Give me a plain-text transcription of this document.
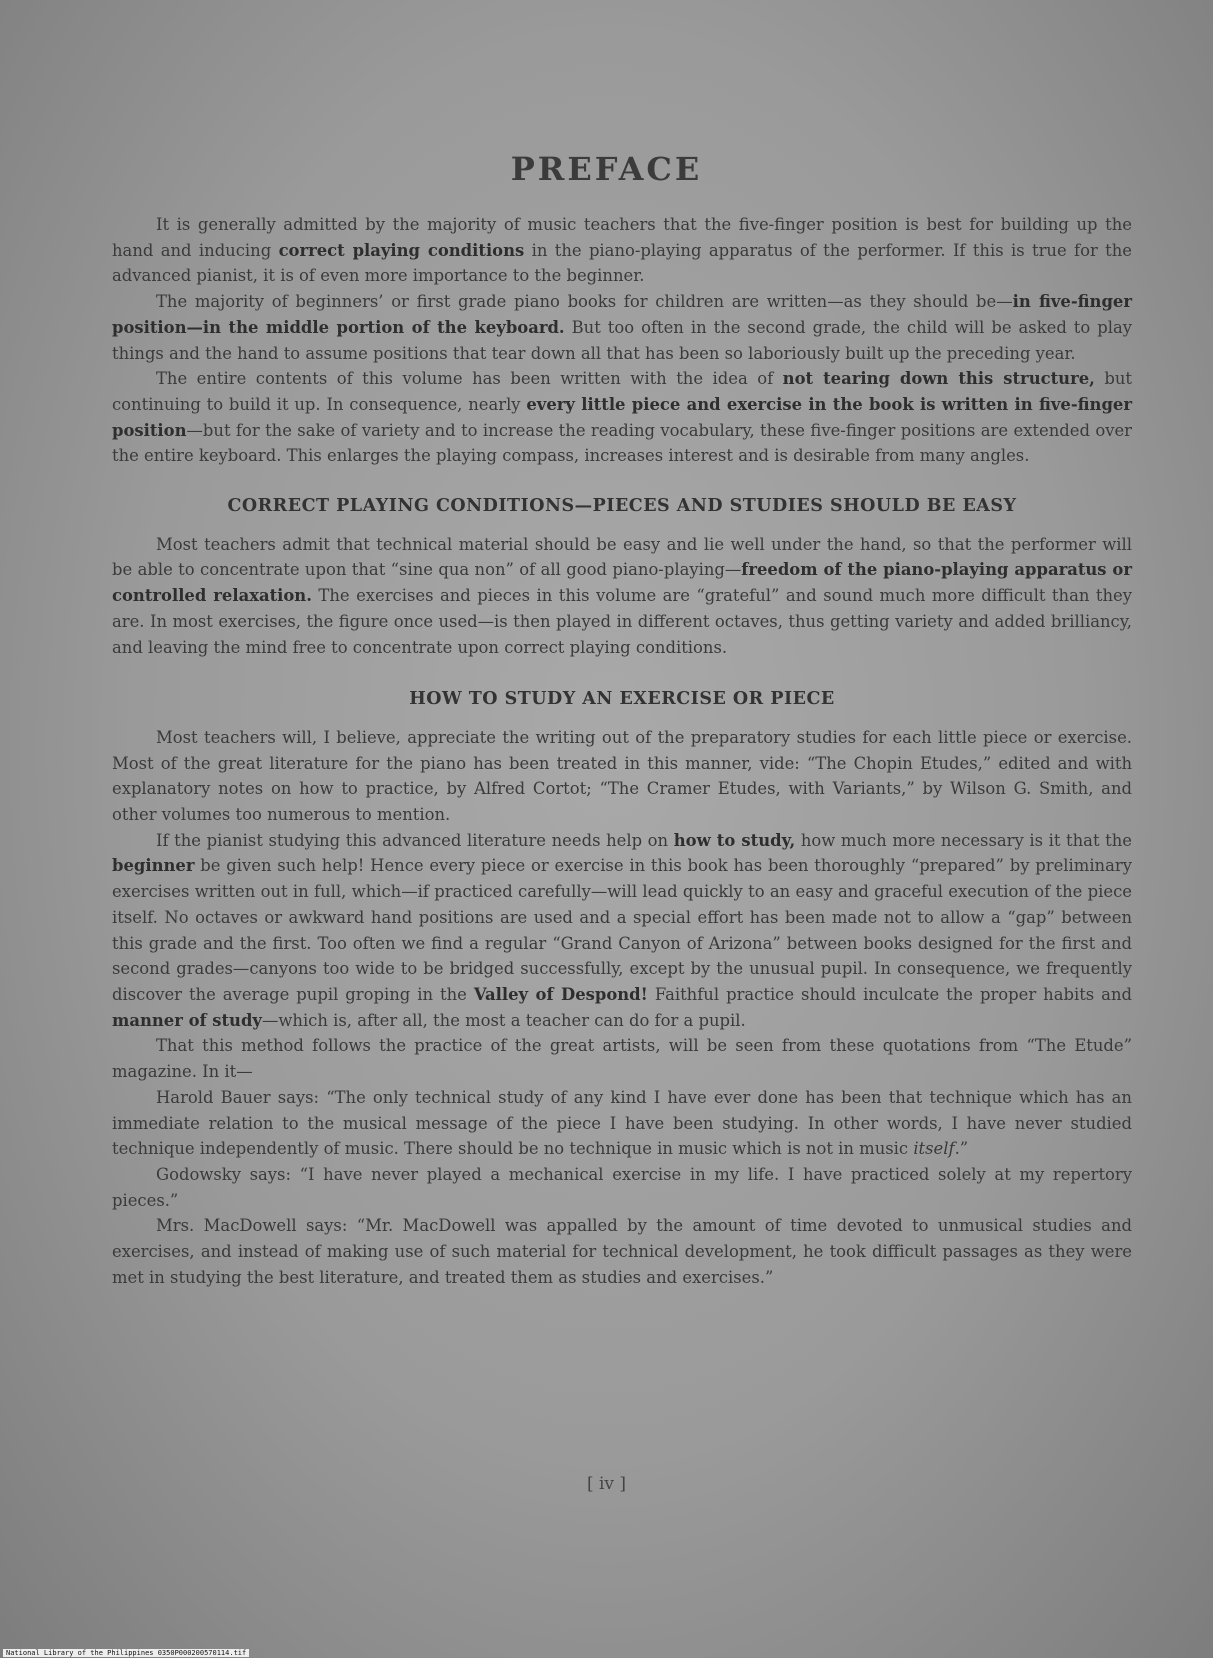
PREFACE

It is generally admitted by the majority of music teachers that the five-finger position is best for building up the hand and inducing correct playing conditions in the piano-playing apparatus of the performer. If this is true for the advanced pianist, it is of even more importance to the beginner.

The majority of beginners’ or first grade piano books for children are written—as they should be—in five-finger position—in the middle portion of the keyboard. But too often in the second grade, the child will be asked to play things and the hand to assume positions that tear down all that has been so laboriously built up the preceding year.

The entire contents of this volume has been written with the idea of not tearing down this structure, but continuing to build it up. In consequence, nearly every little piece and exercise in the book is written in five-finger position—but for the sake of variety and to increase the reading vocabulary, these five-finger positions are extended over the entire keyboard. This enlarges the playing compass, increases interest and is desirable from many angles.

CORRECT PLAYING CONDITIONS—PIECES AND STUDIES SHOULD BE EASY

Most teachers admit that technical material should be easy and lie well under the hand, so that the performer will be able to concentrate upon that “sine qua non” of all good piano-playing—freedom of the piano-playing apparatus or controlled relaxation. The exercises and pieces in this volume are “grateful” and sound much more difficult than they are. In most exercises, the figure once used—is then played in different octaves, thus getting variety and added brilliancy, and leaving the mind free to concentrate upon correct playing conditions.

HOW TO STUDY AN EXERCISE OR PIECE

Most teachers will, I believe, appreciate the writing out of the preparatory studies for each little piece or exercise. Most of the great literature for the piano has been treated in this manner, vide: “The Chopin Etudes,” edited and with explanatory notes on how to practice, by Alfred Cortot; “The Cramer Etudes, with Variants,” by Wilson G. Smith, and other volumes too numerous to mention.

If the pianist studying this advanced literature needs help on how to study, how much more necessary is it that the beginner be given such help! Hence every piece or exercise in this book has been thoroughly “prepared” by preliminary exercises written out in full, which—if practiced carefully—will lead quickly to an easy and graceful execution of the piece itself. No octaves or awkward hand positions are used and a special effort has been made not to allow a “gap” between this grade and the first. Too often we find a regular “Grand Canyon of Arizona” between books designed for the first and second grades—canyons too wide to be bridged successfully, except by the unusual pupil. In consequence, we frequently discover the average pupil groping in the Valley of Despond! Faithful practice should inculcate the proper habits and manner of study—which is, after all, the most a teacher can do for a pupil.

That this method follows the practice of the great artists, will be seen from these quotations from “The Etude” magazine. In it—

Harold Bauer says: “The only technical study of any kind I have ever done has been that technique which has an immediate relation to the musical message of the piece I have been studying. In other words, I have never studied technique independently of music. There should be no technique in music which is not in music itself.”

Godowsky says: “I have never played a mechanical exercise in my life. I have practiced solely at my repertory pieces.”

Mrs. MacDowell says: “Mr. MacDowell was appalled by the amount of time devoted to unmusical studies and exercises, and instead of making use of such material for technical development, he took difficult passages as they were met in studying the best literature, and treated them as studies and exercises.”

[ iv ]
National Library of the Philippines 0350P000200570114.tif
